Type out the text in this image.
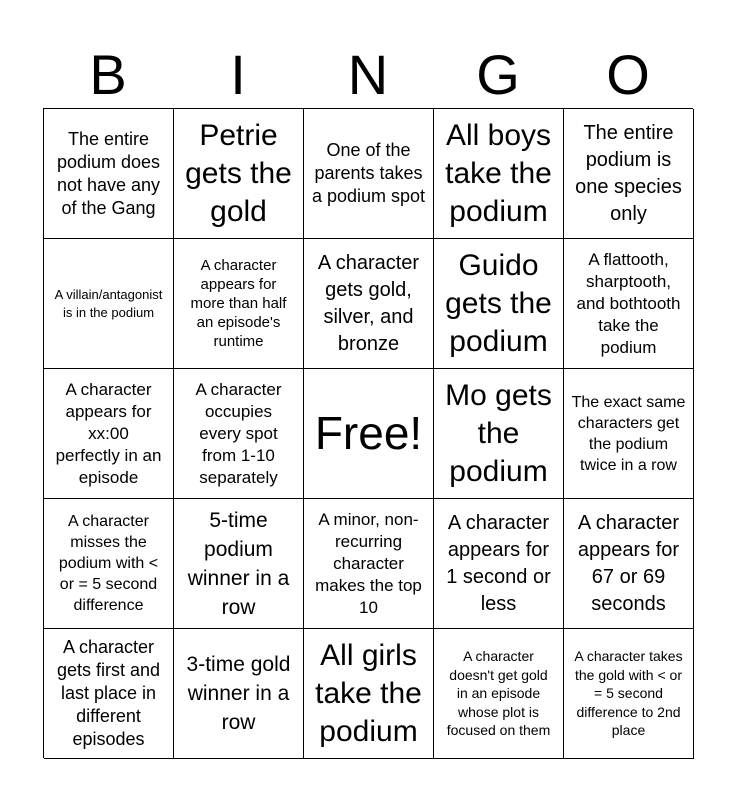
B	I	N	G	O
The entire podium does not have any of the Gang
Petrie gets the gold
One of the parents takes a podium spot
All boys take the podium
The entire podium is one species only
A villain/antagonist is in the podium
A character appears for more than half an episode's runtime
A character gets gold, silver, and bronze
Guido gets the podium
A flattooth, sharptooth, and bothtooth take the podium
A character appears for xx:00 perfectly in an episode
A character occupies every spot from 1-10 separately
Free!
Mo gets the podium
The exact same characters get the podium twice in a row
A character misses the podium with < or = 5 second difference
5-time podium winner in a row
A minor, non-recurring character makes the top 10
A character appears for 1 second or less
A character appears for 67 or 69 seconds
A character gets first and last place in different episodes
3-time gold winner in a row
All girls take the podium
A character doesn't get gold in an episode whose plot is focused on them
A character takes the gold with < or = 5 second difference to 2nd place
